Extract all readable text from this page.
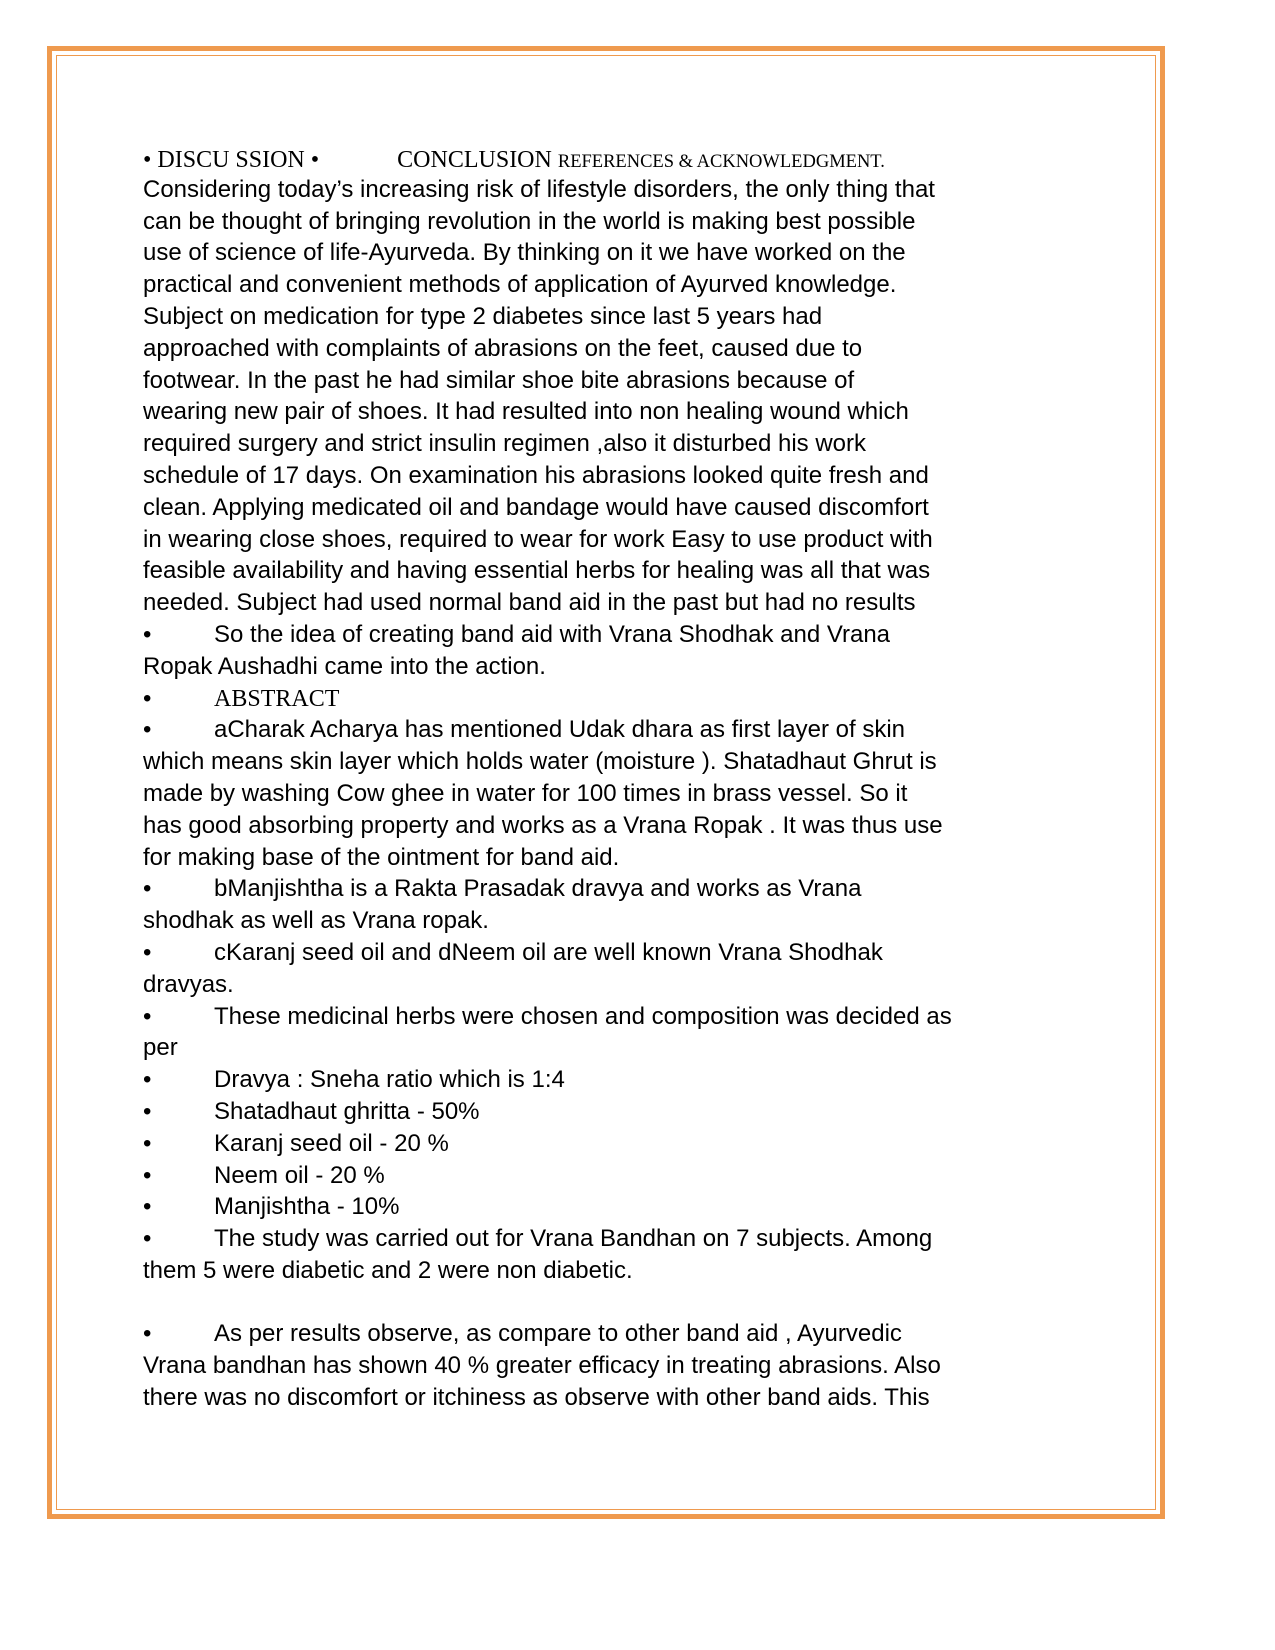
• DISCU SSION •	CONCLUSION REFERENCES & ACKNOWLEDGMENT.
Considering today’s increasing risk of lifestyle disorders, the only thing that
can be thought of bringing revolution in the world is making best possible
use of science of life-Ayurveda. By thinking on it we have worked on the
practical and convenient methods of application of Ayurved knowledge.
Subject on medication for type 2 diabetes since last 5 years had
approached with complaints of abrasions on the feet, caused due to
footwear. In the past he had similar shoe bite abrasions because of
wearing new pair of shoes. It had resulted into non healing wound which
required surgery and strict insulin regimen ,also it disturbed his work
schedule of 17 days. On examination his abrasions looked quite fresh and
clean. Applying medicated oil and bandage would have caused discomfort
in wearing close shoes, required to wear for work Easy to use product with
feasible availability and having essential herbs for healing was all that was
needed. Subject had used normal band aid in the past but had no results
•	So the idea of creating band aid with Vrana Shodhak and Vrana
Ropak Aushadhi came into the action.
•	ABSTRACT
•	aCharak Acharya has mentioned Udak dhara as first layer of skin
which means skin layer which holds water (moisture ). Shatadhaut Ghrut is
made by washing Cow ghee in water for 100 times in brass vessel. So it
has good absorbing property and works as a Vrana Ropak . It was thus use
for making base of the ointment for band aid.
•	bManjishtha is a Rakta Prasadak dravya and works as Vrana
shodhak as well as Vrana ropak.
•	cKaranj seed oil and dNeem oil are well known Vrana Shodhak
dravyas.
•	These medicinal herbs were chosen and composition was decided as
per
•	Dravya : Sneha ratio which is 1:4
•	Shatadhaut ghritta - 50%
•	Karanj seed oil - 20 %
•	Neem oil - 20 %
•	Manjishtha - 10%
•	The study was carried out for Vrana Bandhan on 7 subjects. Among
them 5 were diabetic and 2 were non diabetic.
•	As per results observe, as compare to other band aid , Ayurvedic
Vrana bandhan has shown 40 % greater efficacy in treating abrasions. Also
there was no discomfort or itchiness as observe with other band aids. This
